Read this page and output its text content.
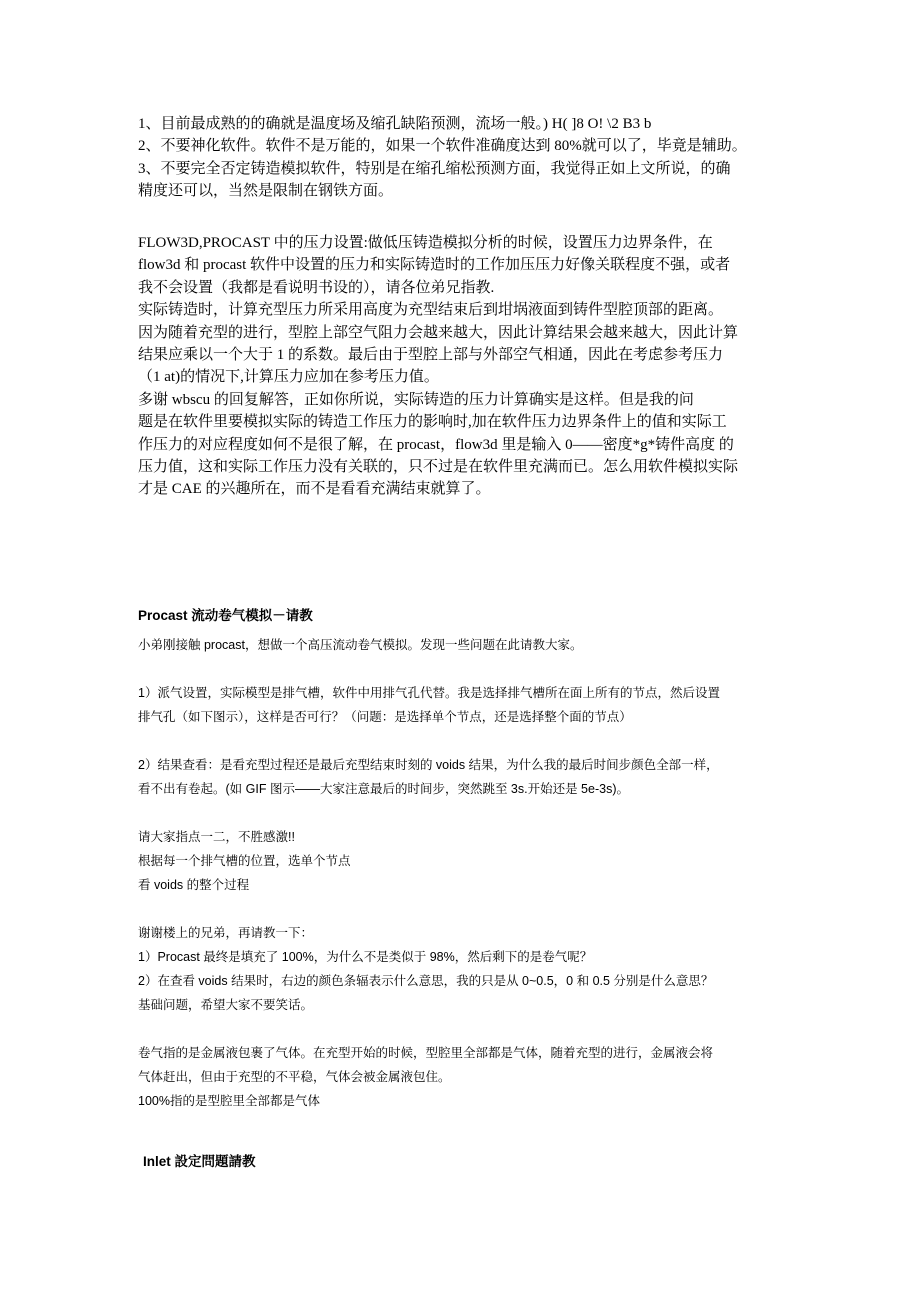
1、目前最成熟的的确就是温度场及缩孔缺陷预测，流场一般。) H( ]8 O! \2 B3 b

2、不要神化软件。软件不是万能的，如果一个软件准确度达到 80%就可以了，毕竟是辅助。

3、不要完全否定铸造模拟软件，特别是在缩孔缩松预测方面，我觉得正如上文所说，的确

精度还可以，当然是限制在钢铁方面。

FLOW3D,PROCAST 中的压力设置:做低压铸造模拟分析的时候，设置压力边界条件，在

flow3d 和 procast 软件中设置的压力和实际铸造时的工作加压压力好像关联程度不强，或者

我不会设置（我都是看说明书设的），请各位弟兄指教.

实际铸造时，计算充型压力所采用高度为充型结束后到坩埚液面到铸件型腔顶部的距离。

因为随着充型的进行，型腔上部空气阻力会越来越大，因此计算结果会越来越大，因此计算

结果应乘以一个大于 1 的系数。最后由于型腔上部与外部空气相通，因此在考虑参考压力

（1 at)的情况下,计算压力应加在参考压力值。

多谢 wbscu 的回复解答，正如你所说，实际铸造的压力计算确实是这样。但是我的问

题是在软件里要模拟实际的铸造工作压力的影响时,加在软件压力边界条件上的值和实际工

作压力的对应程度如何不是很了解，在 procast，flow3d 里是输入 0——密度*g*铸件高度 的

压力值，这和实际工作压力没有关联的，只不过是在软件里充满而已。怎么用软件模拟实际

才是 CAE 的兴趣所在，而不是看看充满结束就算了。

Procast 流动卷气模拟－请教

小弟刚接触 procast，想做一个高压流动卷气模拟。发现一些问题在此请教大家。

1）派气设置，实际模型是排气槽，软件中用排气孔代替。我是选择排气槽所在面上所有的节点，然后设置

排气孔（如下图示），这样是否可行？（问题：是选择单个节点，还是选择整个面的节点）

2）结果查看：是看充型过程还是最后充型结束时刻的 voids 结果，为什么我的最后时间步颜色全部一样，

看不出有卷起。(如 GIF 图示——大家注意最后的时间步，突然跳至 3s.开始还是 5e-3s)。

请大家指点一二，不胜感激!!

根据每一个排气槽的位置，选单个节点

看 voids 的整个过程

谢谢楼上的兄弟，再请教一下：

1）Procast 最终是填充了 100%，为什么不是类似于 98%，然后剩下的是卷气呢？

2）在查看 voids 结果时，右边的颜色条辐表示什么意思，我的只是从 0~0.5，0 和 0.5 分别是什么意思？

基础问题，希望大家不要笑话。

卷气指的是金属液包裹了气体。在充型开始的时候，型腔里全部都是气体，随着充型的进行，金属液会将

气体赶出，但由于充型的不平稳，气体会被金属液包住。

100%指的是型腔里全部都是气体

Inlet 設定問題請教
